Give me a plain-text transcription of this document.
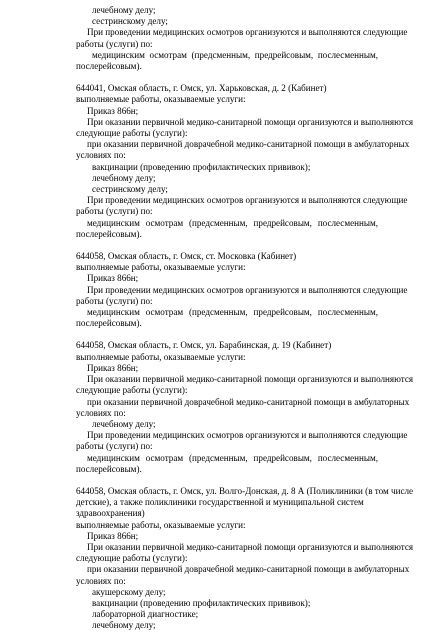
лечебному делу;
сестринскому делу;
При проведении медицинских осмотров организуются и выполняются следующие
работы (услуги) по:
медицинским осмотрам (предсменным, предрейсовым, послесменным,
послерейсовым).
644041, Омская область, г. Омск, ул. Харьковская, д. 2 (Кабинет)
выполняемые работы, оказываемые услуги:
Приказ 866н;
При оказании первичной медико-санитарной помощи организуются и выполняются
следующие работы (услуги):
при оказании первичной доврачебной медико-санитарной помощи в амбулаторных
условиях по:
вакцинации (проведению профилактических прививок);
лечебному делу;
сестринскому делу;
При проведении медицинских осмотров организуются и выполняются следующие
работы (услуги) по:
медицинским осмотрам (предсменным, предрейсовым, послесменным,
послерейсовым).
644058, Омская область, г. Омск, ст. Московка (Кабинет)
выполняемые работы, оказываемые услуги:
Приказ 866н;
При проведении медицинских осмотров организуются и выполняются следующие
работы (услуги) по:
медицинским осмотрам (предсменным, предрейсовым, послесменным,
послерейсовым).
644058, Омская область, г. Омск, ул. Барабинская, д. 19 (Кабинет)
выполняемые работы, оказываемые услуги:
Приказ 866н;
При оказании первичной медико-санитарной помощи организуются и выполняются
следующие работы (услуги):
при оказании первичной доврачебной медико-санитарной помощи в амбулаторных
условиях по:
лечебному делу;
При проведении медицинских осмотров организуются и выполняются следующие
работы (услуги) по:
медицинским осмотрам (предсменным, предрейсовым, послесменным,
послерейсовым).
644058, Омская область, г. Омск, ул. Волго-Донская, д. 8 А (Поликлиники (в том числе
детские), а также поликлиники государственной и муниципальной систем
здравоохранения)
выполняемые работы, оказываемые услуги:
Приказ 866н;
При оказании первичной медико-санитарной помощи организуются и выполняются
следующие работы (услуги):
при оказании первичной доврачебной медико-санитарной помощи в амбулаторных
условиях по:
акушерскому делу;
вакцинации (проведению профилактических прививок);
лабораторной диагностике;
лечебному делу;
